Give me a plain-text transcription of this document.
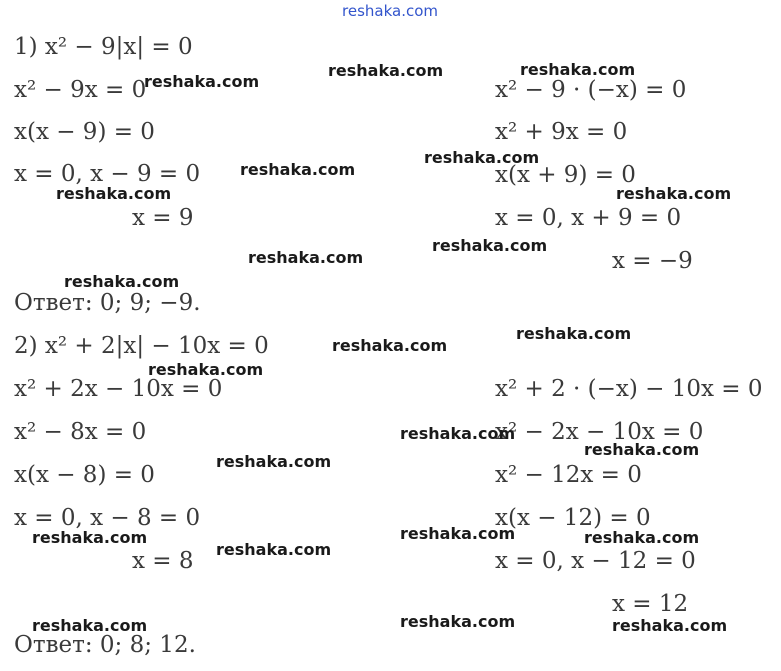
reshaka.com
1) x² − 9|x| = 0
x² − 9x = 0
x(x − 9) = 0
x = 0, x − 9 = 0
x = 9
x² − 9 · (−x) = 0
x² + 9x = 0
x(x + 9) = 0
x = 0, x + 9 = 0
x = −9
Ответ: 0; 9; −9.
2) x² + 2|x| − 10x = 0
x² + 2x − 10x = 0
x² − 8x = 0
x(x − 8) = 0
x = 0, x − 8 = 0
x = 8
x² + 2 · (−x) − 10x = 0
x² − 2x − 10x = 0
x² − 12x = 0
x(x − 12) = 0
x = 0, x − 12 = 0
x = 12
Ответ: 0; 8; 12.
reshaka.com
reshaka.com	reshaka.com
reshaka.com
reshaka.com
reshaka.com	reshaka.com
reshaka.com
reshaka.com
reshaka.com
reshaka.com
reshaka.com
reshaka.com
reshaka.com
reshaka.com
reshaka.com
reshaka.com
reshaka.com	reshaka.com
reshaka.com
reshaka.com
reshaka.com	reshaka.com
